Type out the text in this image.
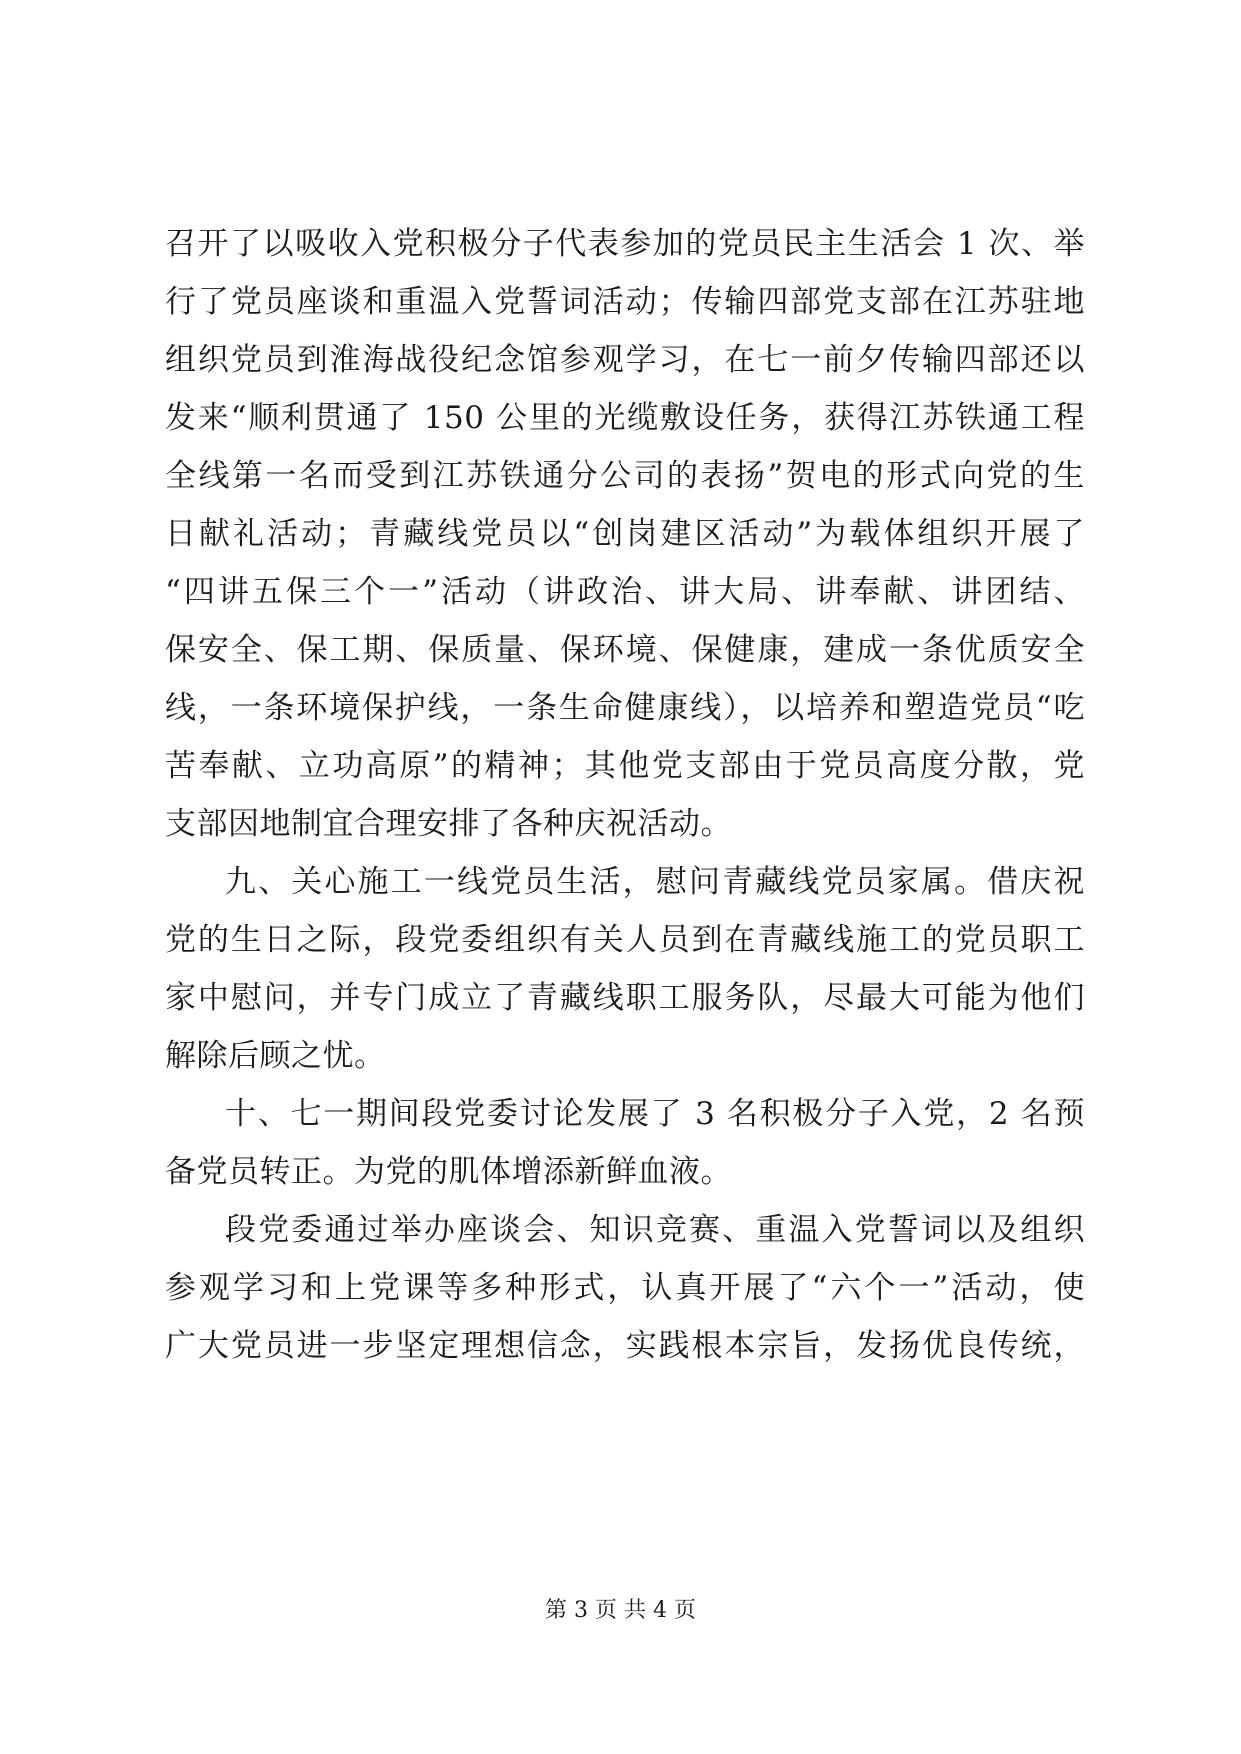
召开了以吸收入党积极分子代表参加的党员民主生活会 1 次、举
行了党员座谈和重温入党誓词活动；传输四部党支部在江苏驻地
组织党员到淮海战役纪念馆参观学习，在七一前夕传输四部还以
发来“顺利贯通了 150 公里的光缆敷设任务，获得江苏铁通工程
全线第一名而受到江苏铁通分公司的表扬”贺电的形式向党的生
日献礼活动；青藏线党员以“创岗建区活动”为载体组织开展了
“四讲五保三个一”活动（讲政治、讲大局、讲奉献、讲团结、
保安全、保工期、保质量、保环境、保健康，建成一条优质安全
线，一条环境保护线，一条生命健康线），以培养和塑造党员“吃
苦奉献、立功高原”的精神；其他党支部由于党员高度分散，党
支部因地制宜合理安排了各种庆祝活动。
九、关心施工一线党员生活，慰问青藏线党员家属。借庆祝
党的生日之际，段党委组织有关人员到在青藏线施工的党员职工
家中慰问，并专门成立了青藏线职工服务队，尽最大可能为他们
解除后顾之忧。
十、七一期间段党委讨论发展了 3 名积极分子入党，2 名预
备党员转正。为党的肌体增添新鲜血液。
段党委通过举办座谈会、知识竞赛、重温入党誓词以及组织
参观学习和上党课等多种形式，认真开展了“六个一”活动，使
广大党员进一步坚定理想信念，实践根本宗旨，发扬优良传统，
第 3 页 共 4 页
